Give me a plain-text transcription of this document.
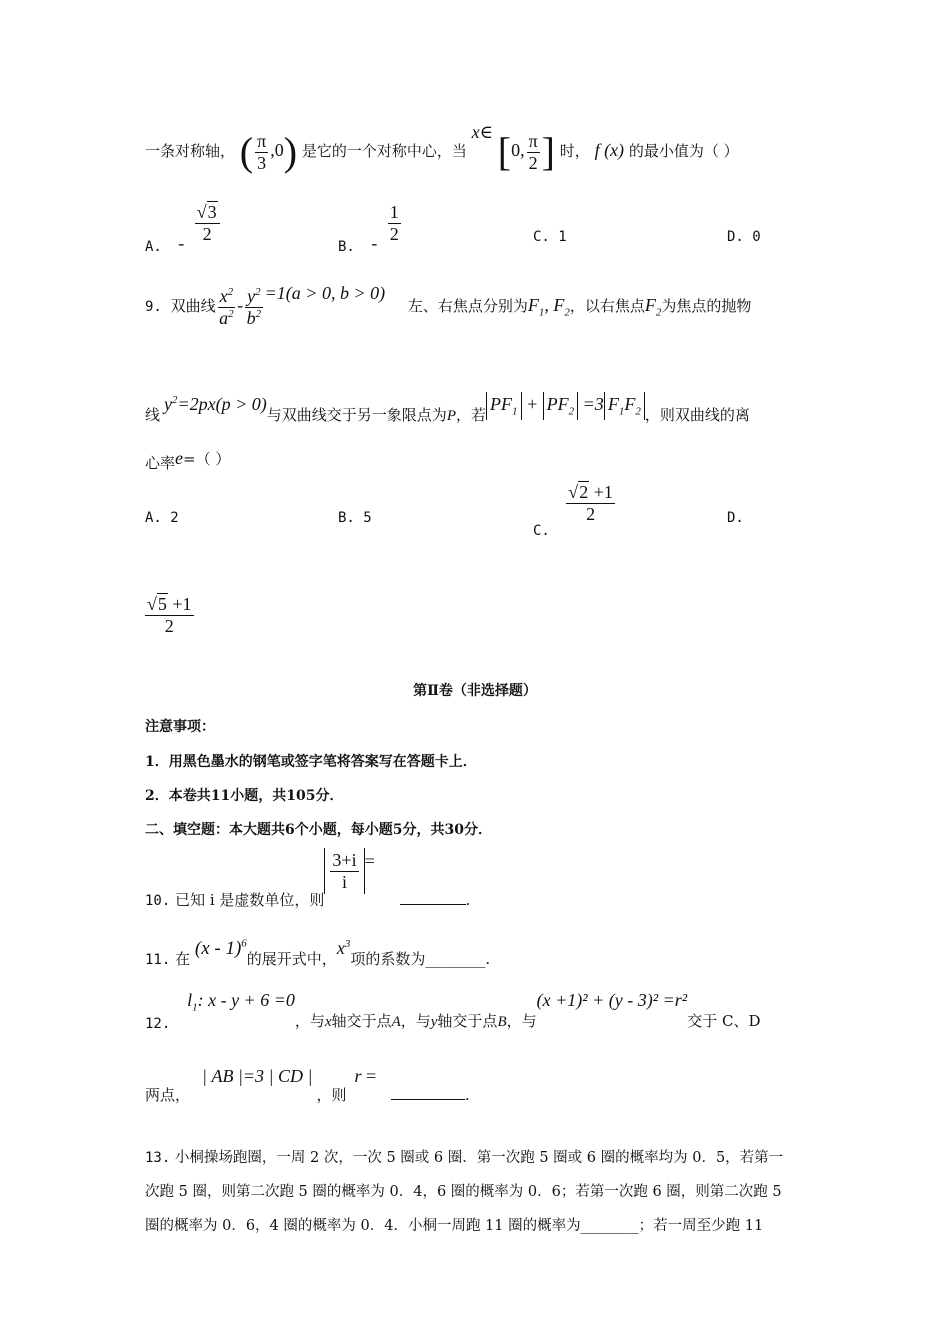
一条对称轴， ( $\frac{\pi}{3} ,0$) 是它的一个对称中心，当 x∈ [0, $\frac{\pi}{2}$ ] 时， f (x) 的最小值为（ ）
A. - $\frac{√3}{2}$
B. - $\frac{1}{2}$	C. 1	D. 0
9. 双曲线 $\frac{x^2}{a^2} - \frac{y^2}{b^2} =1(a > 0$, b > 0) 左、右焦点分别为$F_1$, $F_2$，以右焦点$F_2$为焦点的抛物
线$y^2=2px(p > 0)$与双曲线交于另一象限点为P，若$PF_1 + PF_2 =3$ $F_1F_2$ ，则双曲线的离
心率e=（ ）
A. 2	B. 5
C.
$\frac{√2 +1}{2}$	D.
$\frac{√5 +1}{2}$
第Ⅱ卷（非选择题）
注意事项：
1．用黑色墨水的钢笔或签字笔将答案写在答题卡上．
2．本卷共11小题，共105分．
二、填空题：本大题共6个小题，每小题5分，共30分．
10. 已知 i 是虚数单位，则
$\frac{3+i}{i}$ = .
11. 在 (x - 1)$^6$的展开式中，$x^3$项的系数为________.
12. $l_1$: x - y + 6 =0，与x轴交于点A，与y轴交于点B，与(x +1)² + (y - 3)² =r²交于 C、D
两点，| AB |=3 | CD |，则r = .
13. 小桐操场跑圈，一周 2 次，一次 5 圈或 6 圈．第一次跑 5 圈或 6 圈的概率均为 0．5，若第一
次跑 5 圈，则第二次跑 5 圈的概率为 0．4，6 圈的概率为 0．6；若第一次跑 6 圈，则第二次跑 5
圈的概率为 0．6，4 圈的概率为 0．4．小桐一周跑 11 圈的概率为________；若一周至少跑 11
